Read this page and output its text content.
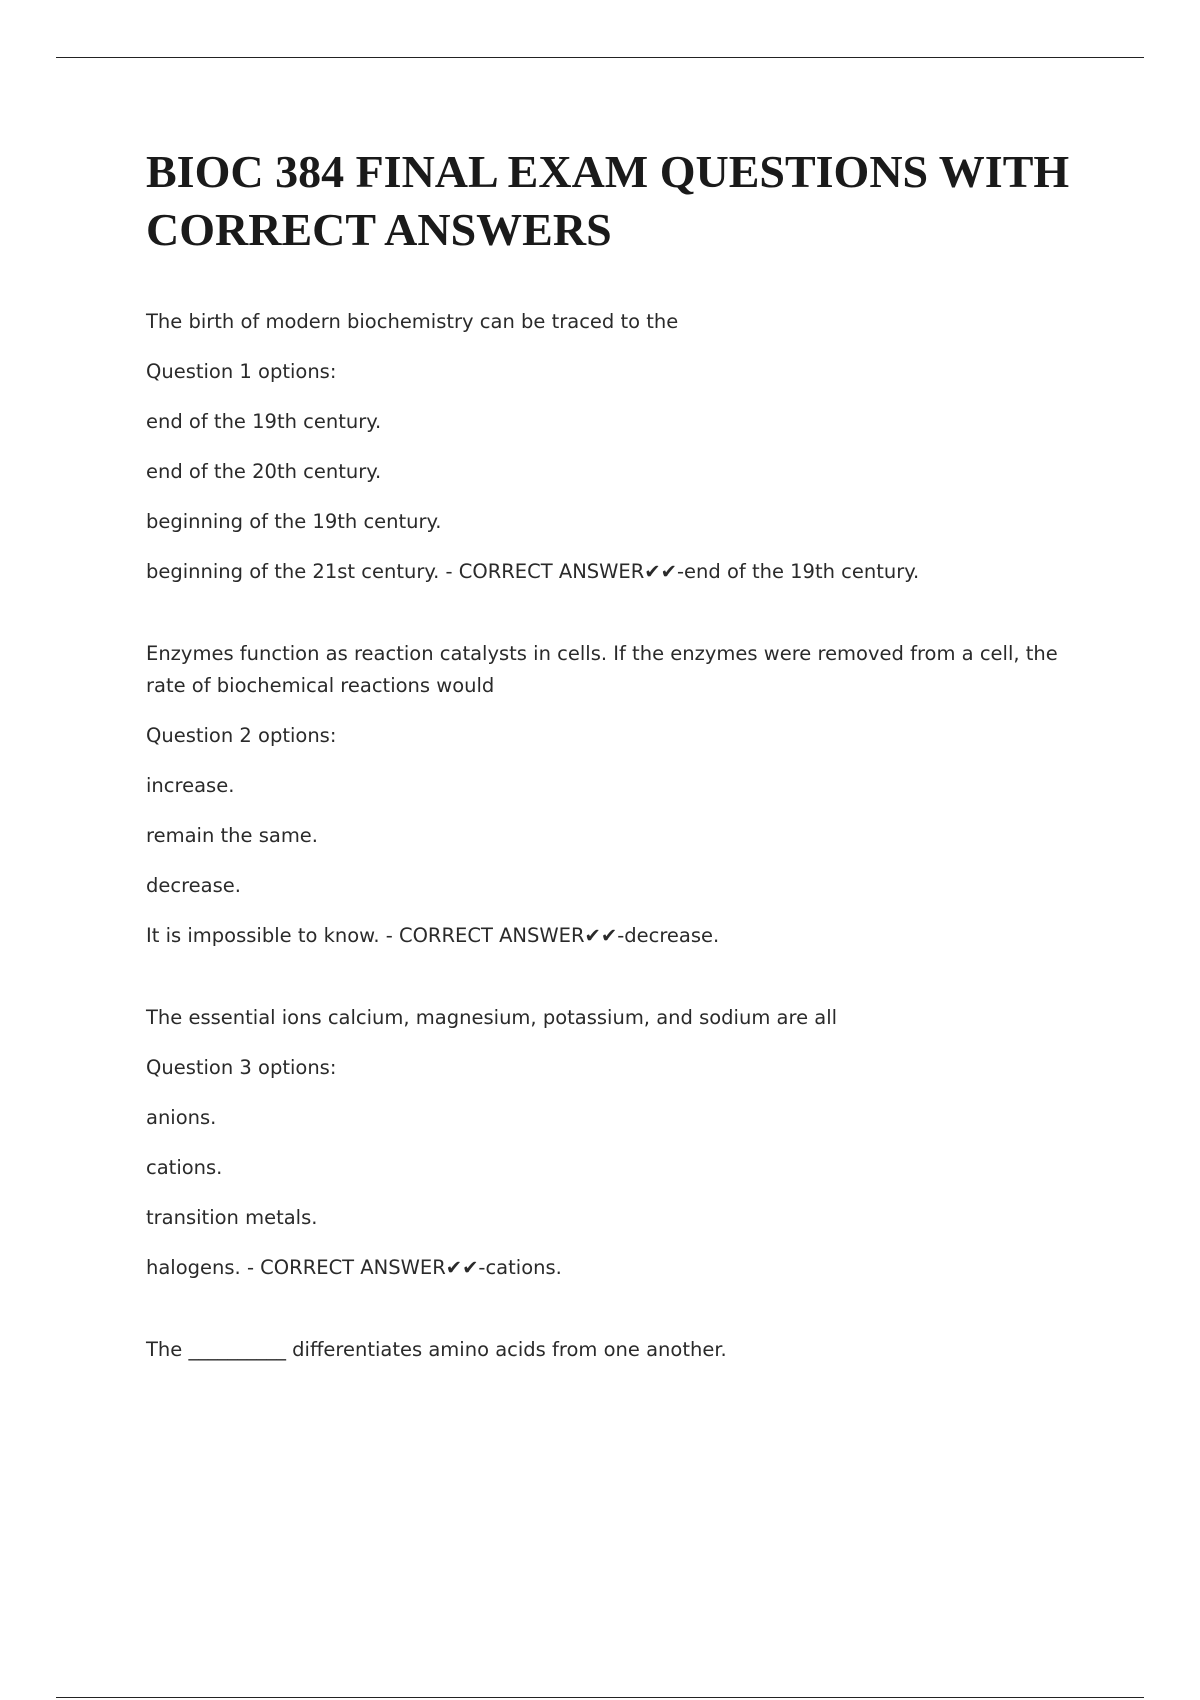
BIOC 384 FINAL EXAM QUESTIONS WITH CORRECT ANSWERS

The birth of modern biochemistry can be traced to the

Question 1 options:

end of the 19th century.

end of the 20th century.

beginning of the 19th century.

beginning of the 21st century. - CORRECT ANSWER✔✔-end of the 19th century.

Enzymes function as reaction catalysts in cells. If the enzymes were removed from a cell, the rate of biochemical reactions would

Question 2 options:

increase.

remain the same.

decrease.

It is impossible to know. - CORRECT ANSWER✔✔-decrease.

The essential ions calcium, magnesium, potassium, and sodium are all

Question 3 options:

anions.

cations.

transition metals.

halogens. - CORRECT ANSWER✔✔-cations.

The __________ differentiates amino acids from one another.
